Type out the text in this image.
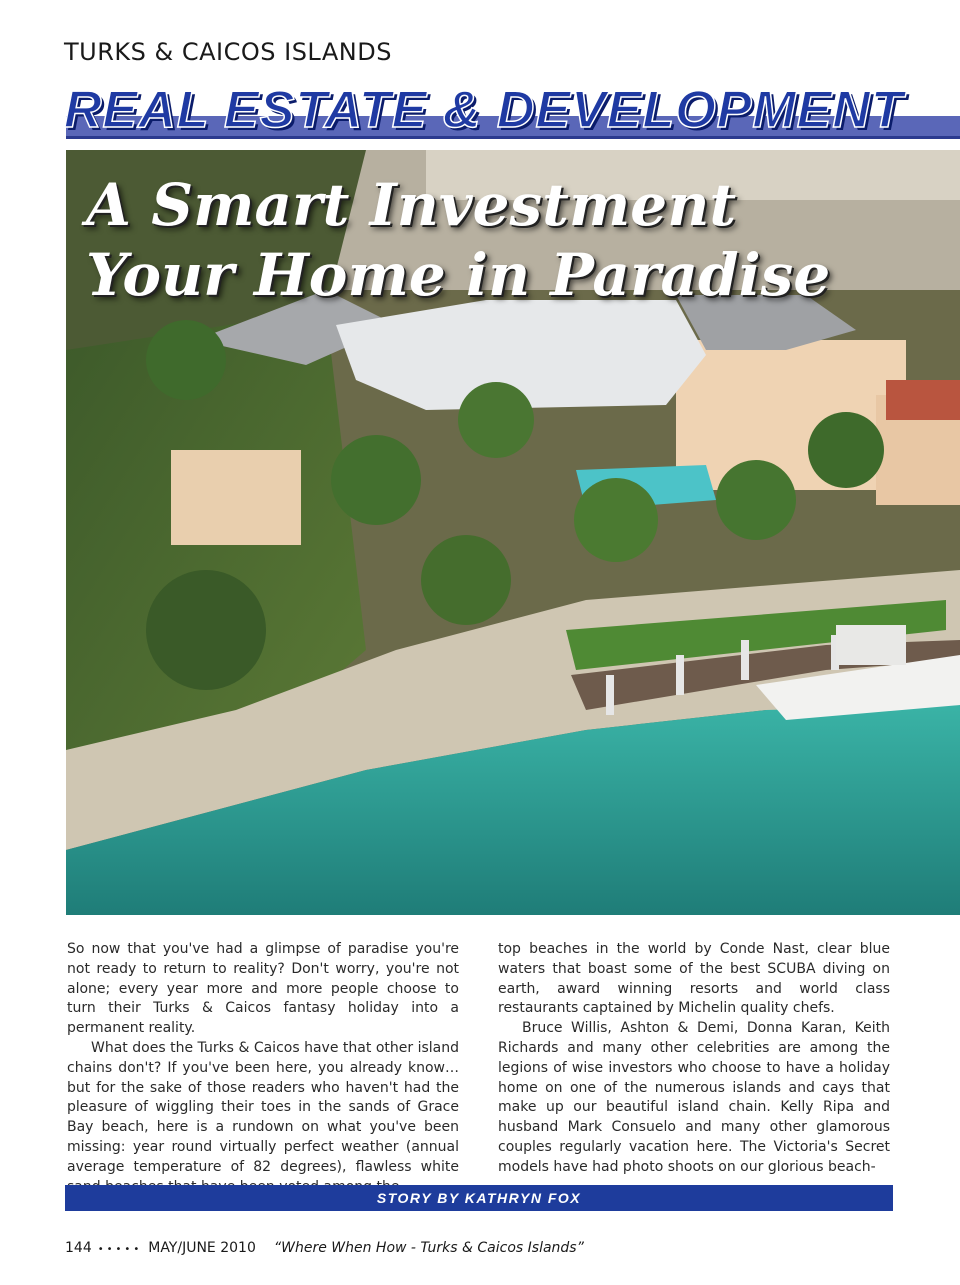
TURKS & CAICOS ISLANDS
REAL ESTATE & DEVELOPMENT
A Smart Investment
Your Home in Paradise

So now that you've had a glimpse of paradise you're not ready to return to reality? Don't worry, you're not alone; every year more and more people choose to turn their Turks & Caicos fantasy holiday into a permanent reality.

What does the Turks & Caicos have that other island chains don't? If you've been here, you already know…but for the sake of those readers who haven't had the pleasure of wiggling their toes in the sands of Grace Bay beach, here is a rundown on what you've been missing: year round virtually perfect weather (annual average temperature of 82 degrees), flawless white

top beaches in the world by Conde Nast, clear blue waters that boast some of the best SCUBA diving on earth, award winning resorts and world class restaurants captained by Michelin quality chefs.

Bruce Willis, Ashton & Demi, Donna Karan, Keith Richards and many other celebrities are among the legions of wise investors who choose to have a holiday home on one of the numerous islands and cays that make up our beautiful island chain. Kelly Ripa and husband Mark Consuelo and many other glamorous couples regularly vacation here. The Victoria's Secret models have had photo shoots on our glorious beach-

STORY BY KATHRYN FOX
144 ••••• MAY/JUNE 2010 “Where When How - Turks & Caicos Islands”
